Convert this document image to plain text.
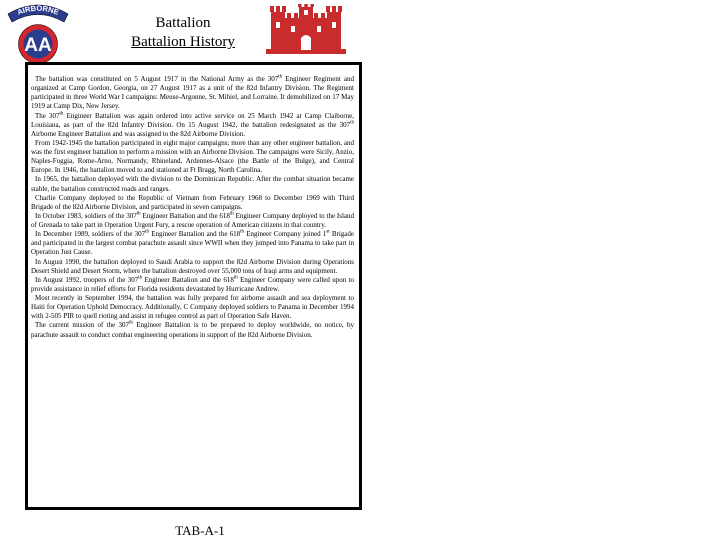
AIRBORNE
AA
Battalion
Battalion History

The battalion was constituted on 5 August 1917 in the National Army as the 307th Engineer Regiment and organized at Camp Gordon, Georgia, on 27 August 1917 as a unit of the 82d Infantry Division. The Regiment participated in three World War I campaigns: Meuse-Argonne, St. Mihiel, and Lorraine. It demobilized on 17 May 1919 at Camp Dix, New Jersey.

The 307th Engineer Battalion was again ordered into active service on 25 March 1942 at Camp Claiborne, Louisiana, as part of the 82d Infantry Division. On 15 August 1942, the battalion redesignated as the 307th Airborne Engineer Battalion and was assigned to the 82d Airborne Division.

From 1942-1945 the battalion participated in eight major campaigns; more than any other engineer battalion, and was the first engineer battalion to perform a mission with an Airborne Division. The campaigns were Sicily, Anzio, Naples-Foggia, Rome-Arno, Normandy, Rhineland, Ardennes-Alsace (the Battle of the Bulge), and Central Europe. In 1946, the battalion moved to and stationed at Ft Bragg, North Carolina.

In 1965, the battalion deployed with the division to the Dominican Republic. After the combat situation became stable, the battalion constructed roads and ranges.

Charlie Company deployed to the Republic of Vietnam from February 1968 to December 1969 with Third Brigade of the 82d Airborne Division, and participated in seven campaigns.

In October 1983, soldiers of the 307th Engineer Battalion and the 618th Engineer Company deployed to the Island of Grenada to take part in Operation Urgent Fury, a rescue operation of American citizens in that country.

In December 1989, soldiers of the 307th Engineer Battalion and the 618th Engineer Company joined 1st Brigade and participated in the largest combat parachute assault since WWII when they jumped into Panama to take part in Operation Just Cause.

In August 1990, the battalion deployed to Saudi Arabia to support the 82d Airborne Division during Operations Desert Shield and Desert Storm, where the battalion destroyed over 55,000 tons of Iraqi arms and equipment.

In August 1992, troopers of the 307th Engineer Battalion and the 618th Engineer Company were called upon to provide assistance in relief efforts for Florida residents devastated by Hurricane Andrew.

Most recently in September 1994, the battalion was fully prepared for airborne assault and sea deployment to Haiti for Operation Uphold Democracy. Additionally, C Company deployed soldiers to Panama in December 1994 with 2-505 PIR to quell rioting and assist in refugee control as part of Operation Safe Haven.

The current mission of the 307th Engineer Battalion is to be prepared to deploy worldwide, no notice, by parachute assault to conduct combat engineering operations in support of the 82d Airborne Division.

TAB-A-1
